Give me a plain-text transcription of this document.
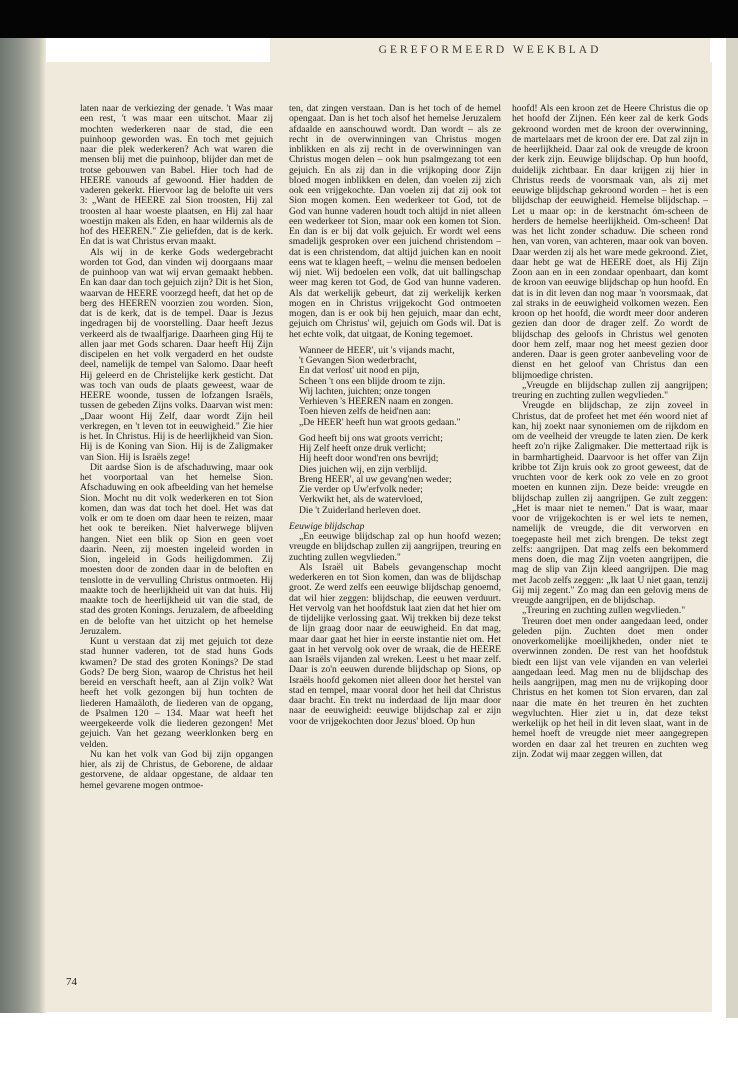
GEREFORMEERD WEEKBLAD

laten naar de verkiezing der genade. 't Was maar een rest, 't was maar een uitschot. Maar zij mochten wederkeren naar de stad, die een puinhoop geworden was. En toch met gejuich naar die plek wederkeren? Ach wat waren die mensen blij met die puinhoop, blijder dan met de trotse gebouwen van Babel. Hier toch had de HEERE vanouds af gewoond. Hier hadden de vaderen gekerkt. Hiervoor lag de belofte uit vers 3: „Want de HEERE zal Sion troosten, Hij zal troosten al haar woeste plaatsen, en Hij zal haar woestijn maken als Eden, en haar wildernis als de hof des HEEREN." Zie geliefden, dat is de kerk. En dat is wat Christus ervan maakt.

Als wij in de kerke Gods wedergebracht worden tot God, dan vinden wij doorgaans maar de puinhoop van wat wij ervan gemaakt hebben. En kan daar dan toch gejuich zijn? Dit is het Sion, waarvan de HEERE voorzegd heeft, dat het op de berg des HEEREN voorzien zou worden. Sion, dat is de kerk, dat is de tempel. Daar is Jezus ingedragen bij de voorstelling. Daar heeft Jezus verkeerd als de twaalfjarige. Daarheen ging Hij te allen jaar met Gods scharen. Daar heeft Hij Zijn discipelen en het volk vergaderd en het oudste deel, namelijk de tempel van Salomo. Daar heeft Hij geleerd en de Christelijke kerk gesticht. Dat was toch van ouds de plaats geweest, waar de HEERE woonde, tussen de lofzangen Israëls, tussen de gebeden Zijns volks. Daarvan wist men: „Daar woont Hij Zelf, daar wordt Zijn heil verkregen, en 't leven tot in eeuwigheid." Zie hier is het. In Christus. Hij is de heerlijkheid van Sion. Hij is de Koning van Sion. Hij is de Zaligmaker van Sion. Hij is Israëls zege!

Dit aardse Sion is de afschaduwing, maar ook het voorportaal van het hemelse Sion. Afschaduwing en ook afbeelding van het hemelse Sion. Mocht nu dit volk wederkeren en tot Sion komen, dan was dat toch het doel. Het was dat volk er om te doen om daar heen te reizen, maar het ook te bereiken. Niet halverwege blijven hangen. Niet een blik op Sion en geen voet daarin. Neen, zij moesten ingeleid worden in Sion, ingeleid in Gods heiligdommen. Zij moesten door de zonden daar in de beloften en tenslotte in de vervulling Christus ontmoeten. Hij maakte toch de heerlijkheid uit van dat huis. Hij maakte toch de heerlijkheid uit van die stad, de stad des groten Konings. Jeruzalem, de afbeelding en de belofte van het uitzicht op het hemelse Jeruzalem.

Kunt u verstaan dat zij met gejuich tot deze stad hunner vaderen, tot de stad huns Gods kwamen? De stad des groten Konings? De stad Gods? De berg Sion, waarop de Christus het heil bereid en verschaft heeft, aan al Zijn volk? Wat heeft het volk gezongen bij hun tochten de liederen Hamaäloth, de liederen van de opgang, de Psalmen 120 – 134. Maar wat heeft het weergekeerde volk die liederen gezongen! Met gejuich. Van het gezang weerklonken berg en velden.

Nu kan het volk van God bij zijn opgangen hier, als zij de Christus, de Geborene, de aldaar gestorvene, de aldaar opgestane, de aldaar ten hemel gevarene mogen ontmoe-

ten, dat zingen verstaan. Dan is het toch of de hemel opengaat. Dan is het toch alsof het hemelse Jeruzalem afdaalde en aanschouwd wordt. Dan wordt – als ze recht in de overwinningen van Christus mogen inblikken en als zij recht in de overwinningen van Christus mogen delen – ook hun psalmgezang tot een gejuich. En als zij dan in die vrijkoping door Zijn bloed mogen inblikken en delen, dan voelen zij zich ook een vrijgekochte. Dan voelen zij dat zij ook tot Sion mogen komen. Een wederkeer tot God, tot de God van hunne vaderen houdt toch altijd in niet alleen een wederkeer tot Sion, maar ook een komen tot Sion. En dan is er bij dat volk gejuich. Er wordt wel eens smadelijk gesproken over een juichend christendom – dat is een christendom, dat altijd juichen kan en nooit eens wat te klagen heeft, – welnu die mensen bedoelen wij niet. Wij bedoelen een volk, dat uit ballingschap weer mag keren tot God, de God van hunne vaderen. Als dat werkelijk gebeurt, dat zij werkelijk kerken mogen en in Christus vrijgekocht God ontmoeten mogen, dan is er ook bij hen gejuich, maar dan echt, gejuich om Christus' wil, gejuich om Gods wil. Dat is het echte volk, dat uitgaat, de Koning tegemoet.

Wanneer de HEER', uit 's vijands macht,
't Gevangen Sion wederbracht,
En dat verlost' uit nood en pijn,
Scheen 't ons een blijde droom te zijn.
Wij lachten, juichten; onze tongen
Verhieven 's HEEREN naam en zongen.
Toen hieven zelfs de heid'nen aan:
„De HEER' heeft hun wat groots gedaan."
God heeft bij ons wat groots verricht;
Hij Zelf heeft onze druk verlicht;
Hij heeft door wond'ren ons bevrijd;
Dies juichen wij, en zijn verblijd.
Breng HEER', al uw gevang'nen weder;
Zie verder op Uw'erfvolk neder;
Verkwikt het, als de watervloed,
Die 't Zuiderland herleven doet.

Eeuwige blijdschap

„En eeuwige blijdschap zal op hun hoofd wezen; vreugde en blijdschap zullen zij aangrijpen, treuring en zuchting zullen wegvlieden."

Als Israël uit Babels gevangenschap mocht wederkeren en tot Sion komen, dan was de blijdschap groot. Ze werd zelfs een eeuwige blijdschap genoemd, dat wil hier zeggen: blijdschap, die eeuwen verduurt. Het vervolg van het hoofdstuk laat zien dat het hier om de tijdelijke verlossing gaat. Wij trekken bij deze tekst de lijn graag door naar de eeuwigheid. En dat mag, maar daar gaat het hier in eerste instantie niet om. Het gaat in het vervolg ook over de wraak, die de HEERE aan Israëls vijanden zal wreken. Leest u het maar zelf. Daar is zo'n eeuwen durende blijdschap op Sions, op Israëls hoofd gekomen niet alleen door het herstel van stad en tempel, maar vooral door het heil dat Christus daar bracht. En trekt nu inderdaad de lijn maar door naar de eeuwigheid: eeuwige blijdschap zal er zijn voor de vrijgekochten door Jezus' bloed. Op hun

hoofd! Als een kroon zet de Heere Christus die op het hoofd der Zijnen. Eén keer zal de kerk Gods gekroond worden met de kroon der overwinning, de martelaars met de kroon der ere. Dat zal zijn in de heerlijkheid. Daar zal ook de vreugde de kroon der kerk zijn. Eeuwige blijdschap. Op hun hoofd, duidelijk zichtbaar. En daar krijgen zij hier in Christus reeds de voorsmaak van, als zij met eeuwige blijdschap gekroond worden – het is een blijdschap der eeuwigheid. Hemelse blijdschap. – Let u maar op: in de kerstnacht óm-scheen de herders de hemelse heerlijkheid. Om-scheen! Dat was het licht zonder schaduw. Die scheen rond hen, van voren, van achteren, maar ook van boven. Daar werden zij als het ware mede gekroond. Ziet, daar hebt ge wat de HEERE doet, als Hij Zijn Zoon aan en in een zondaar openbaart, dan komt de kroon van eeuwige blijdschap op hun hoofd. En dat is in dit leven dan nog maar 'n voorsmaak, dat zal straks in de eeuwigheid volkomen wezen. Een kroon op het hoofd, die wordt meer door anderen gezien dan door de drager zelf. Zo wordt de blijdschap des geloofs in Christus wel genoten door hem zelf, maar nog het meest gezien door anderen. Daar is geen groter aanbeveling voor de dienst en het geloof van Christus dan een blijmoedige christen.

„Vreugde en blijdschap zullen zij aangrijpen; treuring en zuchting zullen wegvlieden."

Vreugde en blijdschap, ze zijn zoveel in Christus, dat de profeet het met één woord niet af kan, hij zoekt naar synoniemen om de rijkdom en om de veelheid der vreugde te laten zien. De kerk heeft zo'n rijke Zaligmaker. Die mettertaad rijk is in barmhartigheid. Daarvoor is het offer van Zijn kribbe tot Zijn kruis ook zo groot geweest, dat de vruchten voor de kerk ook zo vele en zo groot moeten en kunnen zijn. Deze beide: vreugde en blijdschap zullen zij aangrijpen. Ge zult zeggen: „Het is maar niet te nemen." Dat is waar, maar voor de vrijgekochten is er wel iets te nemen, namelijk de vreugde, die dit verworven en toegepaste heil met zich brengen. De tekst zegt zelfs: aangrijpen. Dat mag zelfs een bekommerd mens doen, die mag Zijn voeten aangrijpen, die mag de slip van Zijn kleed aangrijpen. Die mag met Jacob zelfs zeggen: „Ik laat U niet gaan, tenzij Gij mij zegent." Zo mag dan een gelovig mens de vreugde aangrijpen, en de blijdschap.

„Treuring en zuchting zullen wegvlieden."

Treuren doet men onder aangedaan leed, onder geleden pijn. Zuchten doet men onder onoverkomelijke moeilijkheden, onder niet te overwinnen zonden. De rest van het hoofdstuk biedt een lijst van vele vijanden en van velerlei aangedaan leed. Mag men nu de blijdschap des heils aangrijpen, mag men nu de vrijkoping door Christus en het komen tot Sion ervaren, dan zal naar die mate èn het treuren èn het zuchten wegvluchten. Hier ziet u in, dat deze tekst werkelijk op het heil in dit leven slaat, want in de hemel hoeft de vreugde niet meer aangegrepen worden en daar zal het treuren en zuchten weg zijn. Zodat wij maar zeggen willen, dat

74
